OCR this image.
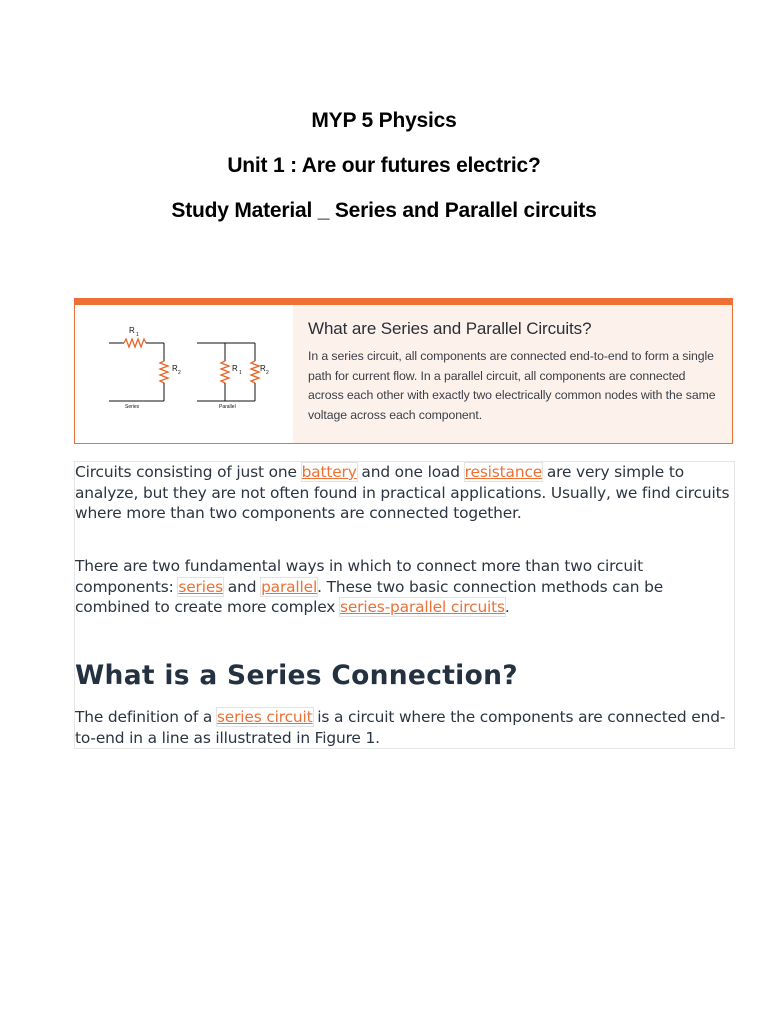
MYP 5 Physics
Unit 1 : Are our futures electric?
Study Material _ Series and Parallel circuits
R 1
R 2
Series
R 1 R 2
Parallel
What are Series and Parallel Circuits?

In a series circuit, all components are connected end-to-end to form a single path for current flow. In a parallel circuit, all components are connected across each other with exactly two electrically common nodes with the same voltage across each component.

Circuits consisting of just one battery and one load resistance are very simple to analyze, but they are not often found in practical applications. Usually, we find circuits where more than two components are connected together.

There are two fundamental ways in which to connect more than two circuit components: series and parallel. These two basic connection methods can be combined to create more complex series-parallel circuits.

What is a Series Connection?

The definition of a series circuit is a circuit where the components are connected end-to-end in a line as illustrated in Figure 1.
